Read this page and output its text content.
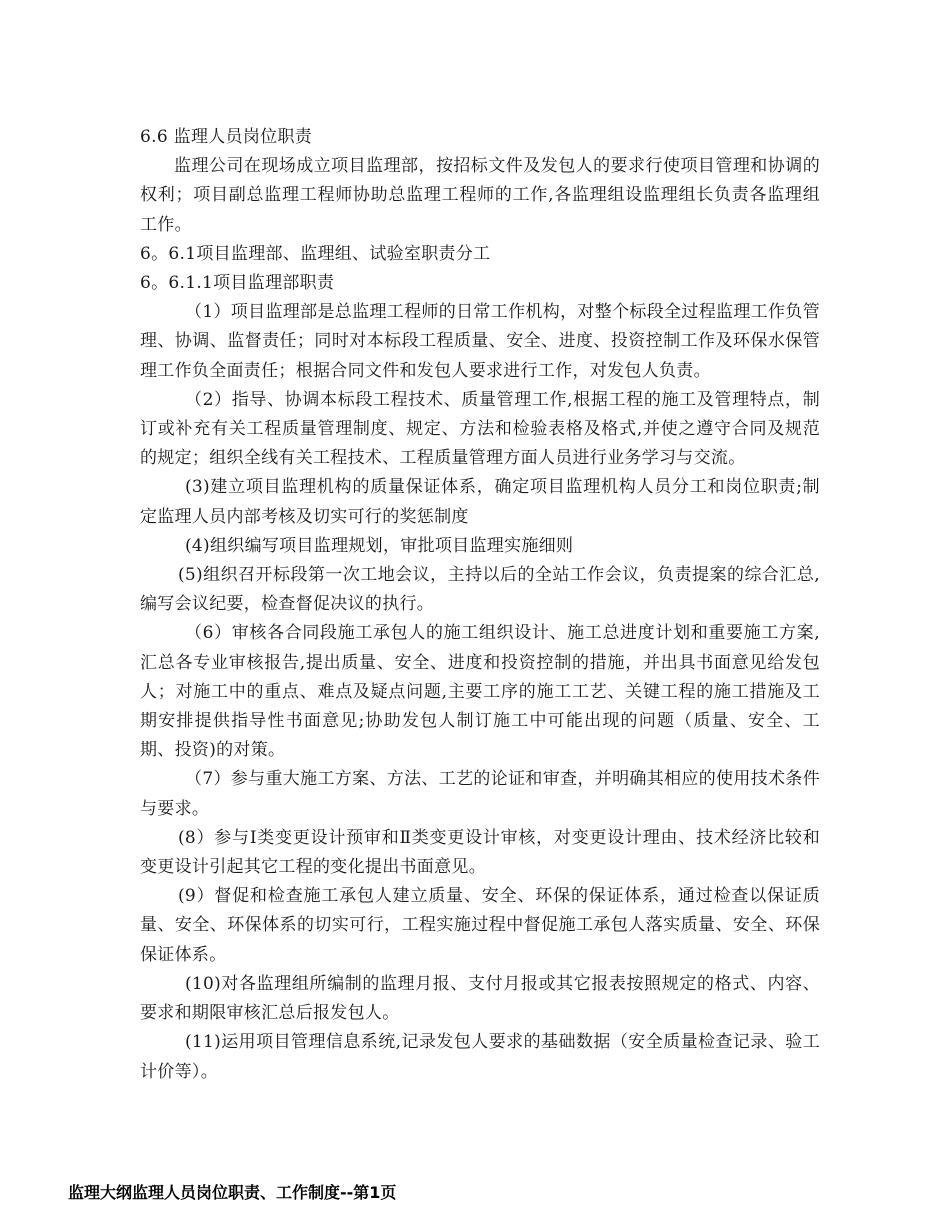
6.6 监理人员岗位职责

监理公司在现场成立项目监理部，按招标文件及发包人的要求行使项目管理和协调的权利；项目副总监理工程师协助总监理工程师的工作,各监理组设监理组长负责各监理组工作。

6。6.1项目监理部、监理组、试验室职责分工

6。6.1.1项目监理部职责

（1）项目监理部是总监理工程师的日常工作机构，对整个标段全过程监理工作负管理、协调、监督责任；同时对本标段工程质量、安全、进度、投资控制工作及环保水保管理工作负全面责任；根据合同文件和发包人要求进行工作，对发包人负责。

（2）指导、协调本标段工程技术、质量管理工作,根据工程的施工及管理特点，制订或补充有关工程质量管理制度、规定、方法和检验表格及格式,并使之遵守合同及规范的规定；组织全线有关工程技术、工程质量管理方面人员进行业务学习与交流。

(3)建立项目监理机构的质量保证体系，确定项目监理机构人员分工和岗位职责;制定监理人员内部考核及切实可行的奖惩制度

(4)组织编写项目监理规划，审批项目监理实施细则

(5)组织召开标段第一次工地会议，主持以后的全站工作会议，负责提案的综合汇总,编写会议纪要，检查督促决议的执行。

（6）审核各合同段施工承包人的施工组织设计、施工总进度计划和重要施工方案,汇总各专业审核报告,提出质量、安全、进度和投资控制的措施，并出具书面意见给发包人；对施工中的重点、难点及疑点问题,主要工序的施工工艺、关键工程的施工措施及工期安排提供指导性书面意见;协助发包人制订施工中可能出现的问题（质量、安全、工期、投资)的对策。

（7）参与重大施工方案、方法、工艺的论证和审查，并明确其相应的使用技术条件与要求。

(8）参与Ⅰ类变更设计预审和Ⅱ类变更设计审核，对变更设计理由、技术经济比较和变更设计引起其它工程的变化提出书面意见。

(9）督促和检查施工承包人建立质量、安全、环保的保证体系，通过检查以保证质量、安全、环保体系的切实可行，工程实施过程中督促施工承包人落实质量、安全、环保保证体系。

(10)对各监理组所编制的监理月报、支付月报或其它报表按照规定的格式、内容、要求和期限审核汇总后报发包人。

(11)运用项目管理信息系统,记录发包人要求的基础数据（安全质量检查记录、验工计价等）。

监理大纲监理人员岗位职责、工作制度--第1页
